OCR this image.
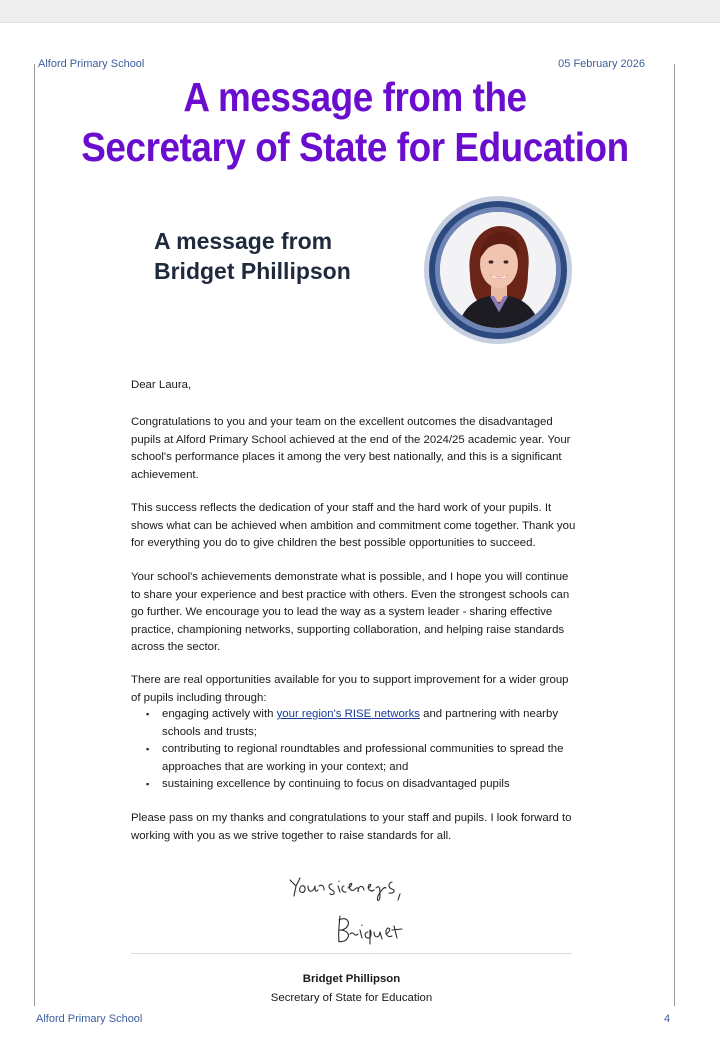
Alford Primary School	05 February 2026
A message from the
Secretary of State for Education
A message from
Bridget Phillipson
Dear Laura,

Congratulations to you and your team on the excellent outcomes the disadvantaged pupils at Alford Primary School achieved at the end of the 2024/25 academic year. Your school's performance places it among the very best nationally, and this is a significant achievement.

This success reflects the dedication of your staff and the hard work of your pupils. It shows what can be achieved when ambition and commitment come together. Thank you for everything you do to give children the best possible opportunities to succeed.

Your school's achievements demonstrate what is possible, and I hope you will continue to share your experience and best practice with others. Even the strongest schools can go further. We encourage you to lead the way as a system leader - sharing effective practice, championing networks, supporting collaboration, and helping raise standards across the sector.

There are real opportunities available for you to support improvement for a wider group of pupils including through:

▪ engaging actively with your region's RISE networks and partnering with nearby schools and trusts;
▪ contributing to regional roundtables and professional communities to spread the approaches that are working in your context; and
▪ sustaining excellence by continuing to focus on disadvantaged pupils

Please pass on my thanks and congratulations to your staff and pupils. I look forward to working with you as we strive together to raise standards for all.

Yours sincerely,
Bridget Phillipson
Secretary of State for Education
Alford Primary School	4
